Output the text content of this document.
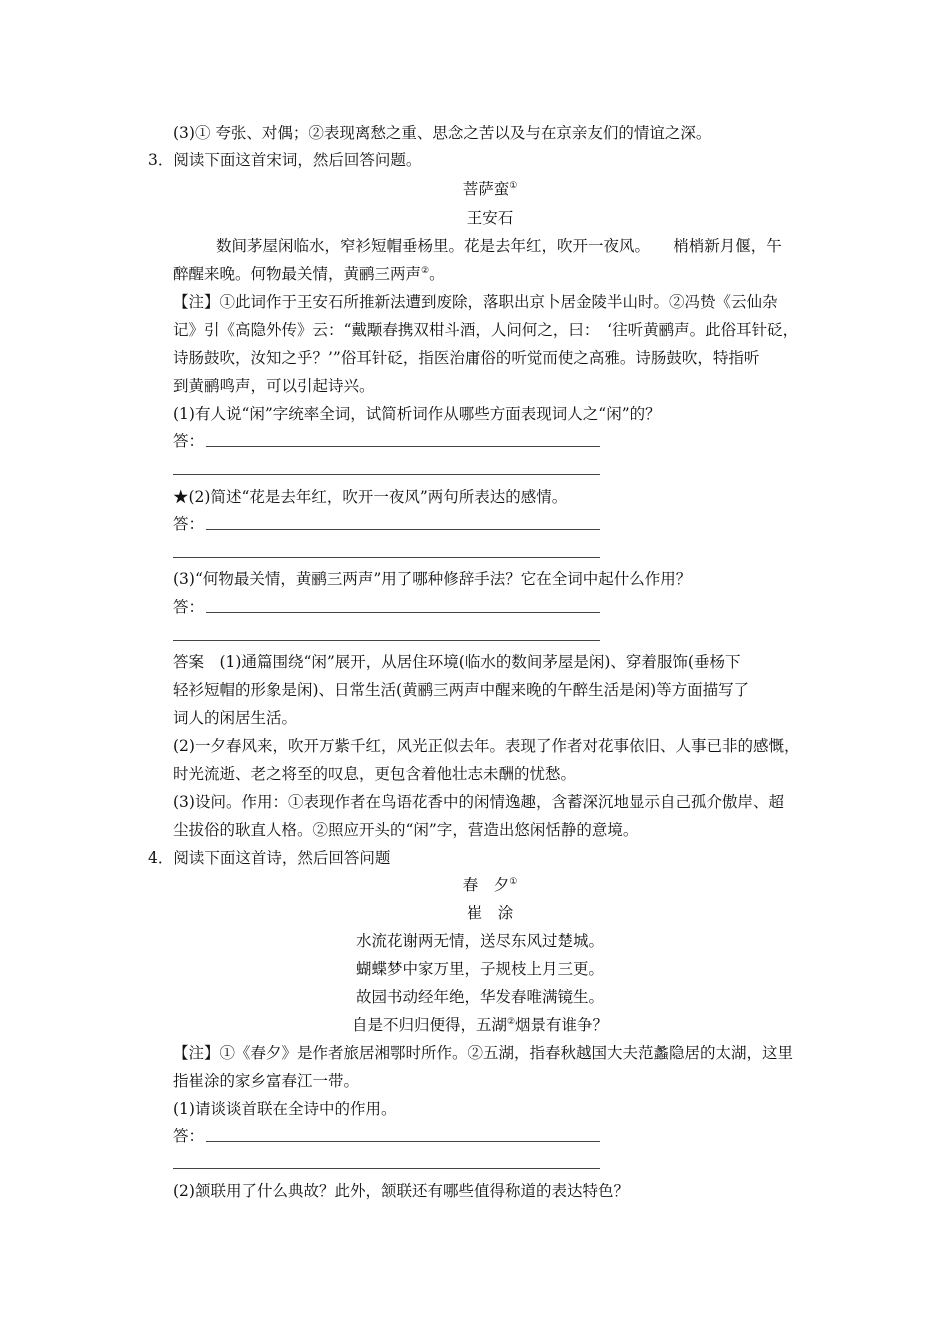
(3)① 夸张、对偶；②表现离愁之重、思念之苦以及与在京亲友们的情谊之深。
3．阅读下面这首宋词，然后回答问题。
菩萨蛮①
王安石
数间茅屋闲临水，窄衫短帽垂杨里。花是去年红，吹开一夜风。　　梢梢新月偃，午
醉醒来晚。何物最关情，黄鹂三两声②。
【注】①此词作于王安石所推新法遭到废除，落职出京卜居金陵半山时。②冯贽《云仙杂
记》引《高隐外传》云：“戴颙春携双柑斗酒，人问何之，曰：　‘往听黄鹂声。此俗耳针砭，
诗肠鼓吹，汝知之乎？’”俗耳针砭，指医治庸俗的听觉而使之高雅。诗肠鼓吹，特指听
到黄鹂鸣声，可以引起诗兴。
(1)有人说“闲”字统率全词，试简析词作从哪些方面表现词人之“闲”的？
答：
★(2)简述“花是去年红，吹开一夜风”两句所表达的感情。
答：
(3)“何物最关情，黄鹂三两声”用了哪种修辞手法？它在全词中起什么作用？
答：
答案　(1)通篇围绕“闲”展开，从居住环境(临水的数间茅屋是闲)、穿着服饰(垂杨下
轻衫短帽的形象是闲)、日常生活(黄鹂三两声中醒来晚的午醉生活是闲)等方面描写了
词人的闲居生活。
(2)一夕春风来，吹开万紫千红，风光正似去年。表现了作者对花事依旧、人事已非的感慨，
时光流逝、老之将至的叹息，更包含着他壮志未酬的忧愁。
(3)设问。作用：①表现作者在鸟语花香中的闲情逸趣，含蓄深沉地显示自己孤介傲岸、超
尘拔俗的耿直人格。②照应开头的“闲”字，营造出悠闲恬静的意境。
4．阅读下面这首诗，然后回答问题
春　夕①
崔　涂
水流花谢两无情，送尽东风过楚城。
蝴蝶梦中家万里，子规枝上月三更。
故园书动经年绝，华发春唯满镜生。
自是不归归便得，五湖②烟景有谁争？
【注】①《春夕》是作者旅居湘鄂时所作。②五湖，指春秋越国大夫范蠡隐居的太湖，这里
指崔涂的家乡富春江一带。
(1)请谈谈首联在全诗中的作用。
答：
(2)颔联用了什么典故？此外，颔联还有哪些值得称道的表达特色？
